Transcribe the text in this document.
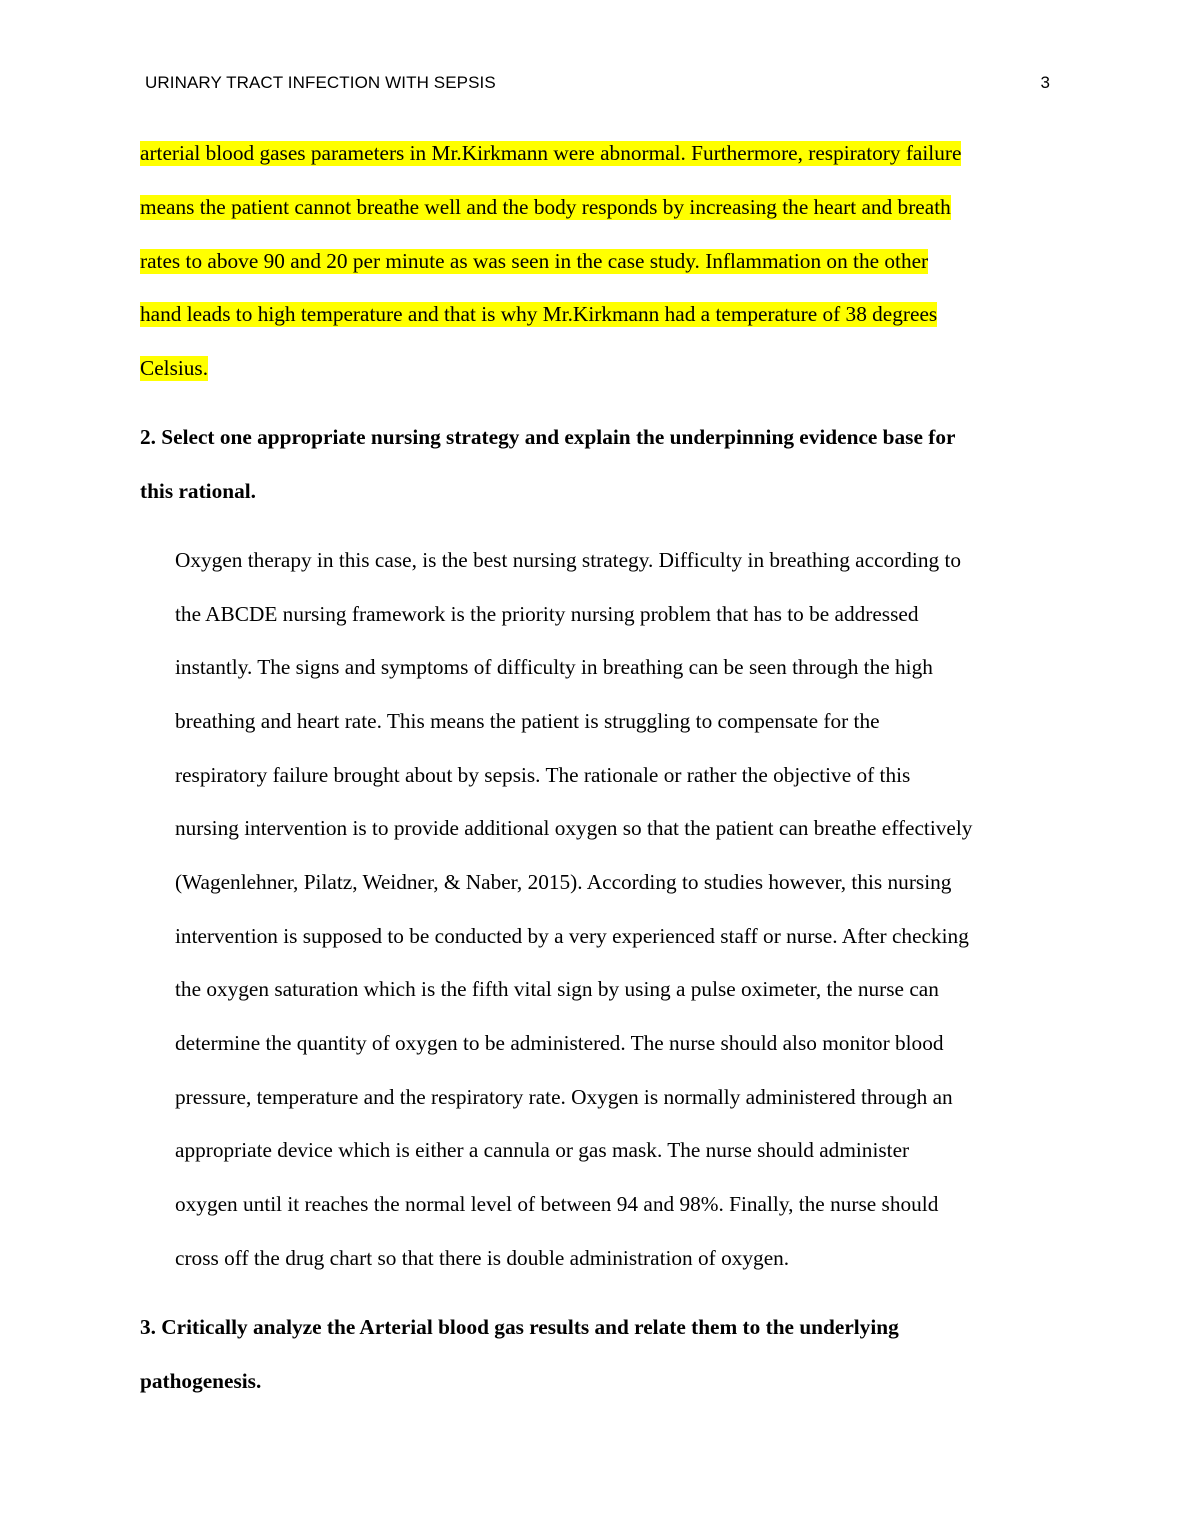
URINARY TRACT INFECTION WITH SEPSIS	3
arterial blood gases parameters in Mr.Kirkmann were abnormal. Furthermore, respiratory failure
means the patient cannot breathe well and the body responds by increasing the heart and breath
rates to above 90 and 20 per minute as was seen in the case study. Inflammation on the other
hand leads to high temperature and that is why Mr.Kirkmann had a temperature of 38 degrees
Celsius.
2. Select one appropriate nursing strategy and explain the underpinning evidence base for
this rational.
Oxygen therapy in this case, is the best nursing strategy. Difficulty in breathing according to
the ABCDE nursing framework is the priority nursing problem that has to be addressed
instantly. The signs and symptoms of difficulty in breathing can be seen through the high
breathing and heart rate. This means the patient is struggling to compensate for the
respiratory failure brought about by sepsis. The rationale or rather the objective of this
nursing intervention is to provide additional oxygen so that the patient can breathe effectively
(Wagenlehner, Pilatz, Weidner, & Naber, 2015). According to studies however, this nursing
intervention is supposed to be conducted by a very experienced staff or nurse. After checking
the oxygen saturation which is the fifth vital sign by using a pulse oximeter, the nurse can
determine the quantity of oxygen to be administered. The nurse should also monitor blood
pressure, temperature and the respiratory rate. Oxygen is normally administered through an
appropriate device which is either a cannula or gas mask. The nurse should administer
oxygen until it reaches the normal level of between 94 and 98%. Finally, the nurse should
cross off the drug chart so that there is double administration of oxygen.
3. Critically analyze the Arterial blood gas results and relate them to the underlying
pathogenesis.
